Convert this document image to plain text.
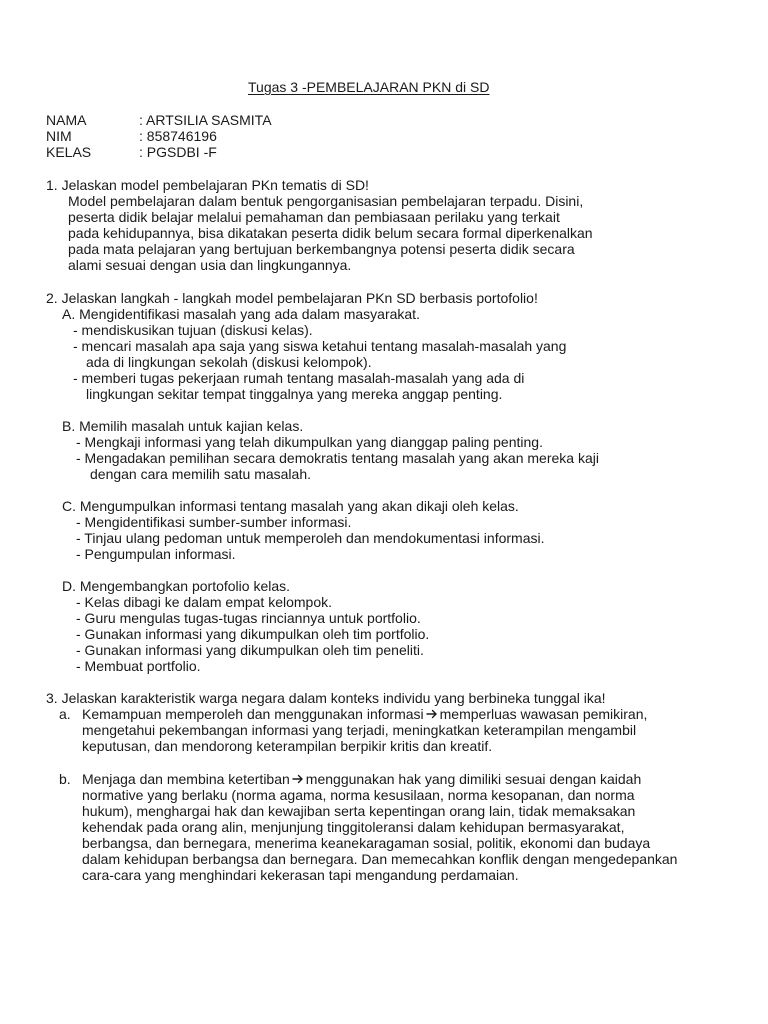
Tugas 3 -PEMBELAJARAN PKN di SD
NAMA	: ARTSILIA SASMITA
NIM	: 858746196
KELAS	: PGSDBI -F
1. Jelaskan model pembelajaran PKn tematis di SD!
Model pembelajaran dalam bentuk pengorganisasian pembelajaran terpadu. Disini,
peserta didik belajar melalui pemahaman dan pembiasaan perilaku yang terkait
pada kehidupannya, bisa dikatakan peserta didik belum secara formal diperkenalkan
pada mata pelajaran yang bertujuan berkembangnya potensi peserta didik secara
alami sesuai dengan usia dan lingkungannya.
2. Jelaskan langkah - langkah model pembelajaran PKn SD berbasis portofolio!
A. Mengidentifikasi masalah yang ada dalam masyarakat.
- mendiskusikan tujuan (diskusi kelas).
- mencari masalah apa saja yang siswa ketahui tentang masalah-masalah yang
ada di lingkungan sekolah (diskusi kelompok).
- memberi tugas pekerjaan rumah tentang masalah-masalah yang ada di
lingkungan sekitar tempat tinggalnya yang mereka anggap penting.
B. Memilih masalah untuk kajian kelas.
- Mengkaji informasi yang telah dikumpulkan yang dianggap paling penting.
- Mengadakan pemilihan secara demokratis tentang masalah yang akan mereka kaji
dengan cara memilih satu masalah.
C. Mengumpulkan informasi tentang masalah yang akan dikaji oleh kelas.
- Mengidentifikasi sumber-sumber informasi.
- Tinjau ulang pedoman untuk memperoleh dan mendokumentasi informasi.
- Pengumpulan informasi.
D. Mengembangkan portofolio kelas.
- Kelas dibagi ke dalam empat kelompok.
- Guru mengulas tugas-tugas rinciannya untuk portfolio.
- Gunakan informasi yang dikumpulkan oleh tim portfolio.
- Gunakan informasi yang dikumpulkan oleh tim peneliti.
- Membuat portfolio.
3. Jelaskan karakteristik warga negara dalam konteks individu yang berbineka tunggal ika!
a. Kemampuan memperoleh dan menggunakan informasi memperluas wawasan pemikiran,
mengetahui pekembangan informasi yang terjadi, meningkatkan keterampilan mengambil
keputusan, dan mendorong keterampilan berpikir kritis dan kreatif.
b. Menjaga dan membina ketertiban menggunakan hak yang dimiliki sesuai dengan kaidah
normative yang berlaku (norma agama, norma kesusilaan, norma kesopanan, dan norma
hukum), menghargai hak dan kewajiban serta kepentingan orang lain, tidak memaksakan
kehendak pada orang alin, menjunjung tinggitoleransi dalam kehidupan bermasyarakat,
berbangsa, dan bernegara, menerima keanekaragaman sosial, politik, ekonomi dan budaya
dalam kehidupan berbangsa dan bernegara. Dan memecahkan konflik dengan mengedepankan
cara-cara yang menghindari kekerasan tapi mengandung perdamaian.
